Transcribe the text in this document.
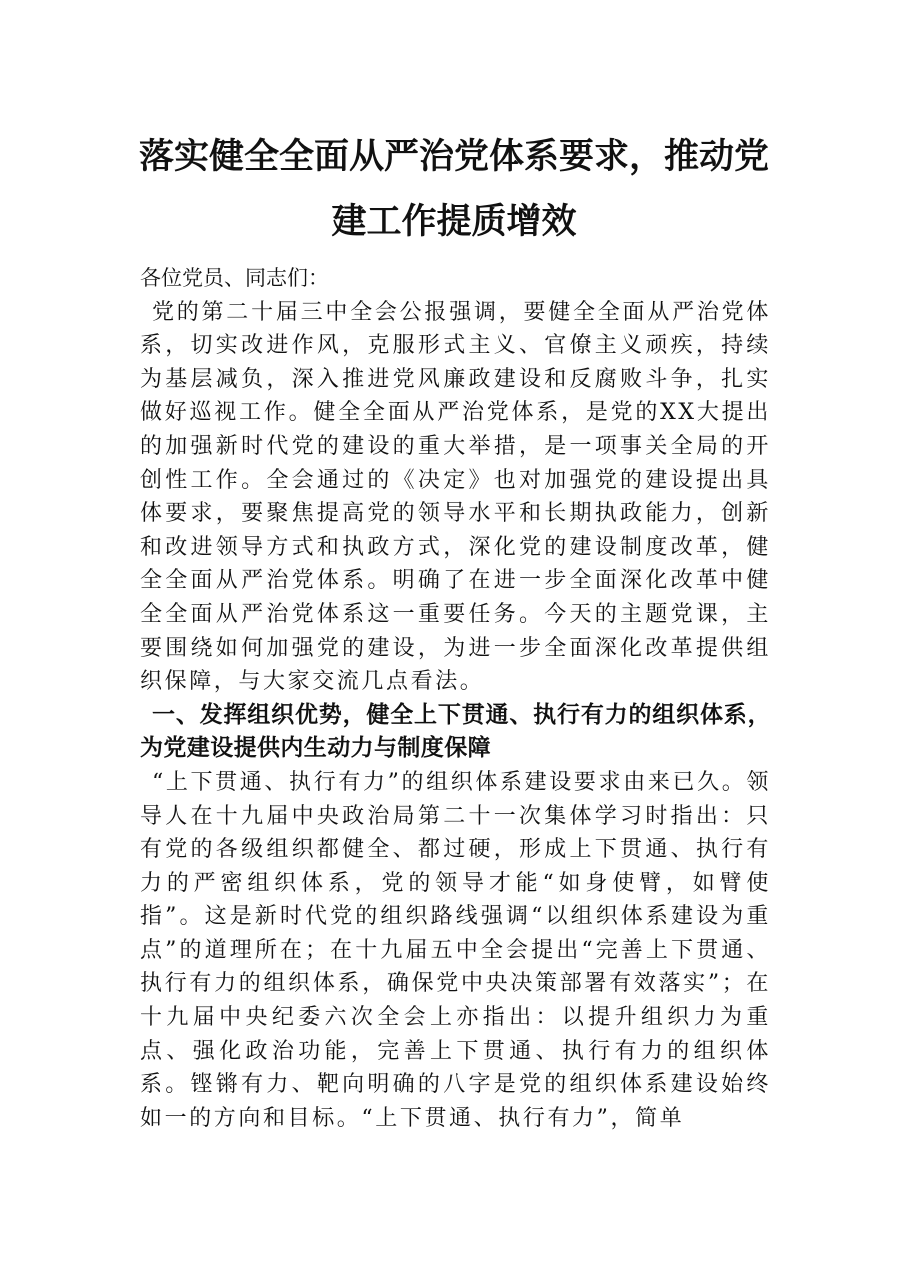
落实健全全面从严治党体系要求，推动党
建工作提质增效

各位党员、同志们：

党的第二十届三中全会公报强调，要健全全面从严治党体系，切实改进作风，克服形式主义、官僚主义顽疾，持续为基层减负，深入推进党风廉政建设和反腐败斗争，扎实做好巡视工作。健全全面从严治党体系，是党的XX大提出的加强新时代党的建设的重大举措，是一项事关全局的开创性工作。全会通过的《决定》也对加强党的建设提出具体要求，要聚焦提高党的领导水平和长期执政能力，创新和改进领导方式和执政方式，深化党的建设制度改革，健全全面从严治党体系。明确了在进一步全面深化改革中健全全面从严治党体系这一重要任务。今天的主题党课，主要围绕如何加强党的建设，为进一步全面深化改革提供组织保障，与大家交流几点看法。

一、发挥组织优势，健全上下贯通、执行有力的组织体系，为党建设提供内生动力与制度保障

“上下贯通、执行有力”的组织体系建设要求由来已久。领导人在十九届中央政治局第二十一次集体学习时指出：只有党的各级组织都健全、都过硬，形成上下贯通、执行有力的严密组织体系，党的领导才能“如身使臂，如臂使指”。这是新时代党的组织路线强调“以组织体系建设为重点”的道理所在；在十九届五中全会提出“完善上下贯通、执行有力的组织体系，确保党中央决策部署有效落实”；在十九届中央纪委六次全会上亦指出：以提升组织力为重点、强化政治功能，完善上下贯通、执行有力的组织体系。铿锵有力、靶向明确的八字是党的组织体系建设始终如一的方向和目标。“上下贯通、执行有力”，简单
